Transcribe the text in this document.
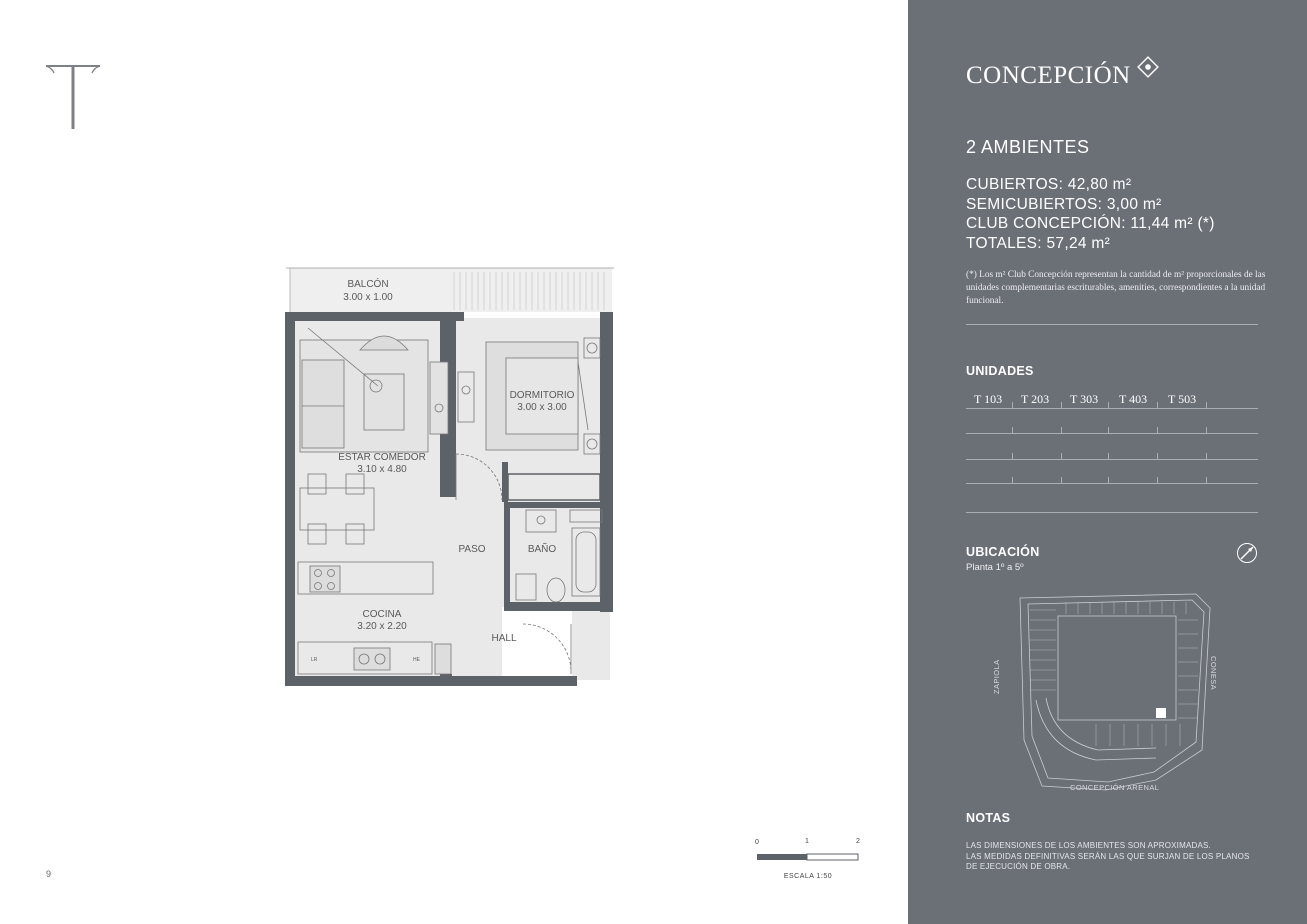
BALCÓN
3.00 x 1.00
DORMITORIO
3.00 x 3.00
ESTAR COMEDOR
3.10 x 4.80
PASO	BAÑO
COCINA
3.20 x 2.20
HALL
LR	HE
0	1	2
ESCALA 1:50
9
CONCEPCIÓN
2 AMBIENTES
CUBIERTOS: 42,80 m²
SEMICUBIERTOS: 3,00 m²
CLUB CONCEPCIÓN: 11,44 m² (*)
TOTALES: 57,24 m²
(*) Los m² Club Concepción representan la cantidad de m² proporcionales de las unidades complementarias escriturables, amenities, correspondientes a la unidad funcional.
UNIDADES
T 103 T 203 T 303 T 403 T 503
UBICACIÓN
Planta 1º a 5º
ZAPIOLA	CONESA
CONCEPCIÓN ARENAL
NOTAS
LAS DIMENSIONES DE LOS AMBIENTES SON APROXIMADAS.
LAS MEDIDAS DEFINITIVAS SERÁN LAS QUE SURJAN DE LOS PLANOS
DE EJECUCIÓN DE OBRA.
